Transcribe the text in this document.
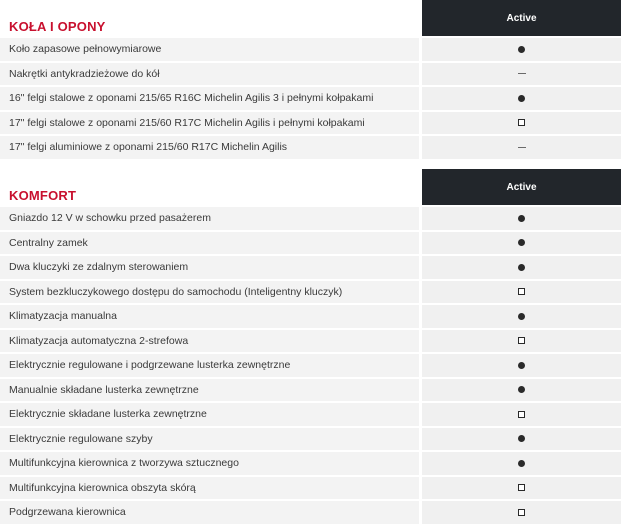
KOŁA I OPONY
Active
Koło zapasowe pełnowymiarowe
Nakrętki antykradzieżowe do kół
16" felgi stalowe z oponami 215/65 R16C Michelin Agilis 3 i pełnymi kołpakami
17" felgi stalowe z oponami 215/60 R17C Michelin Agilis i pełnymi kołpakami
17" felgi aluminiowe z oponami 215/60 R17C Michelin Agilis
KOMFORT
Active
Gniazdo 12 V w schowku przed pasażerem
Centralny zamek
Dwa kluczyki ze zdalnym sterowaniem
System bezkluczykowego dostępu do samochodu (Inteligentny kluczyk)
Klimatyzacja manualna
Klimatyzacja automatyczna 2-strefowa
Elektrycznie regulowane i podgrzewane lusterka zewnętrzne
Manualnie składane lusterka zewnętrzne
Elektrycznie składane lusterka zewnętrzne
Elektrycznie regulowane szyby
Multifunkcyjna kierownica z tworzywa sztucznego
Multifunkcyjna kierownica obszyta skórą
Podgrzewana kierownica
